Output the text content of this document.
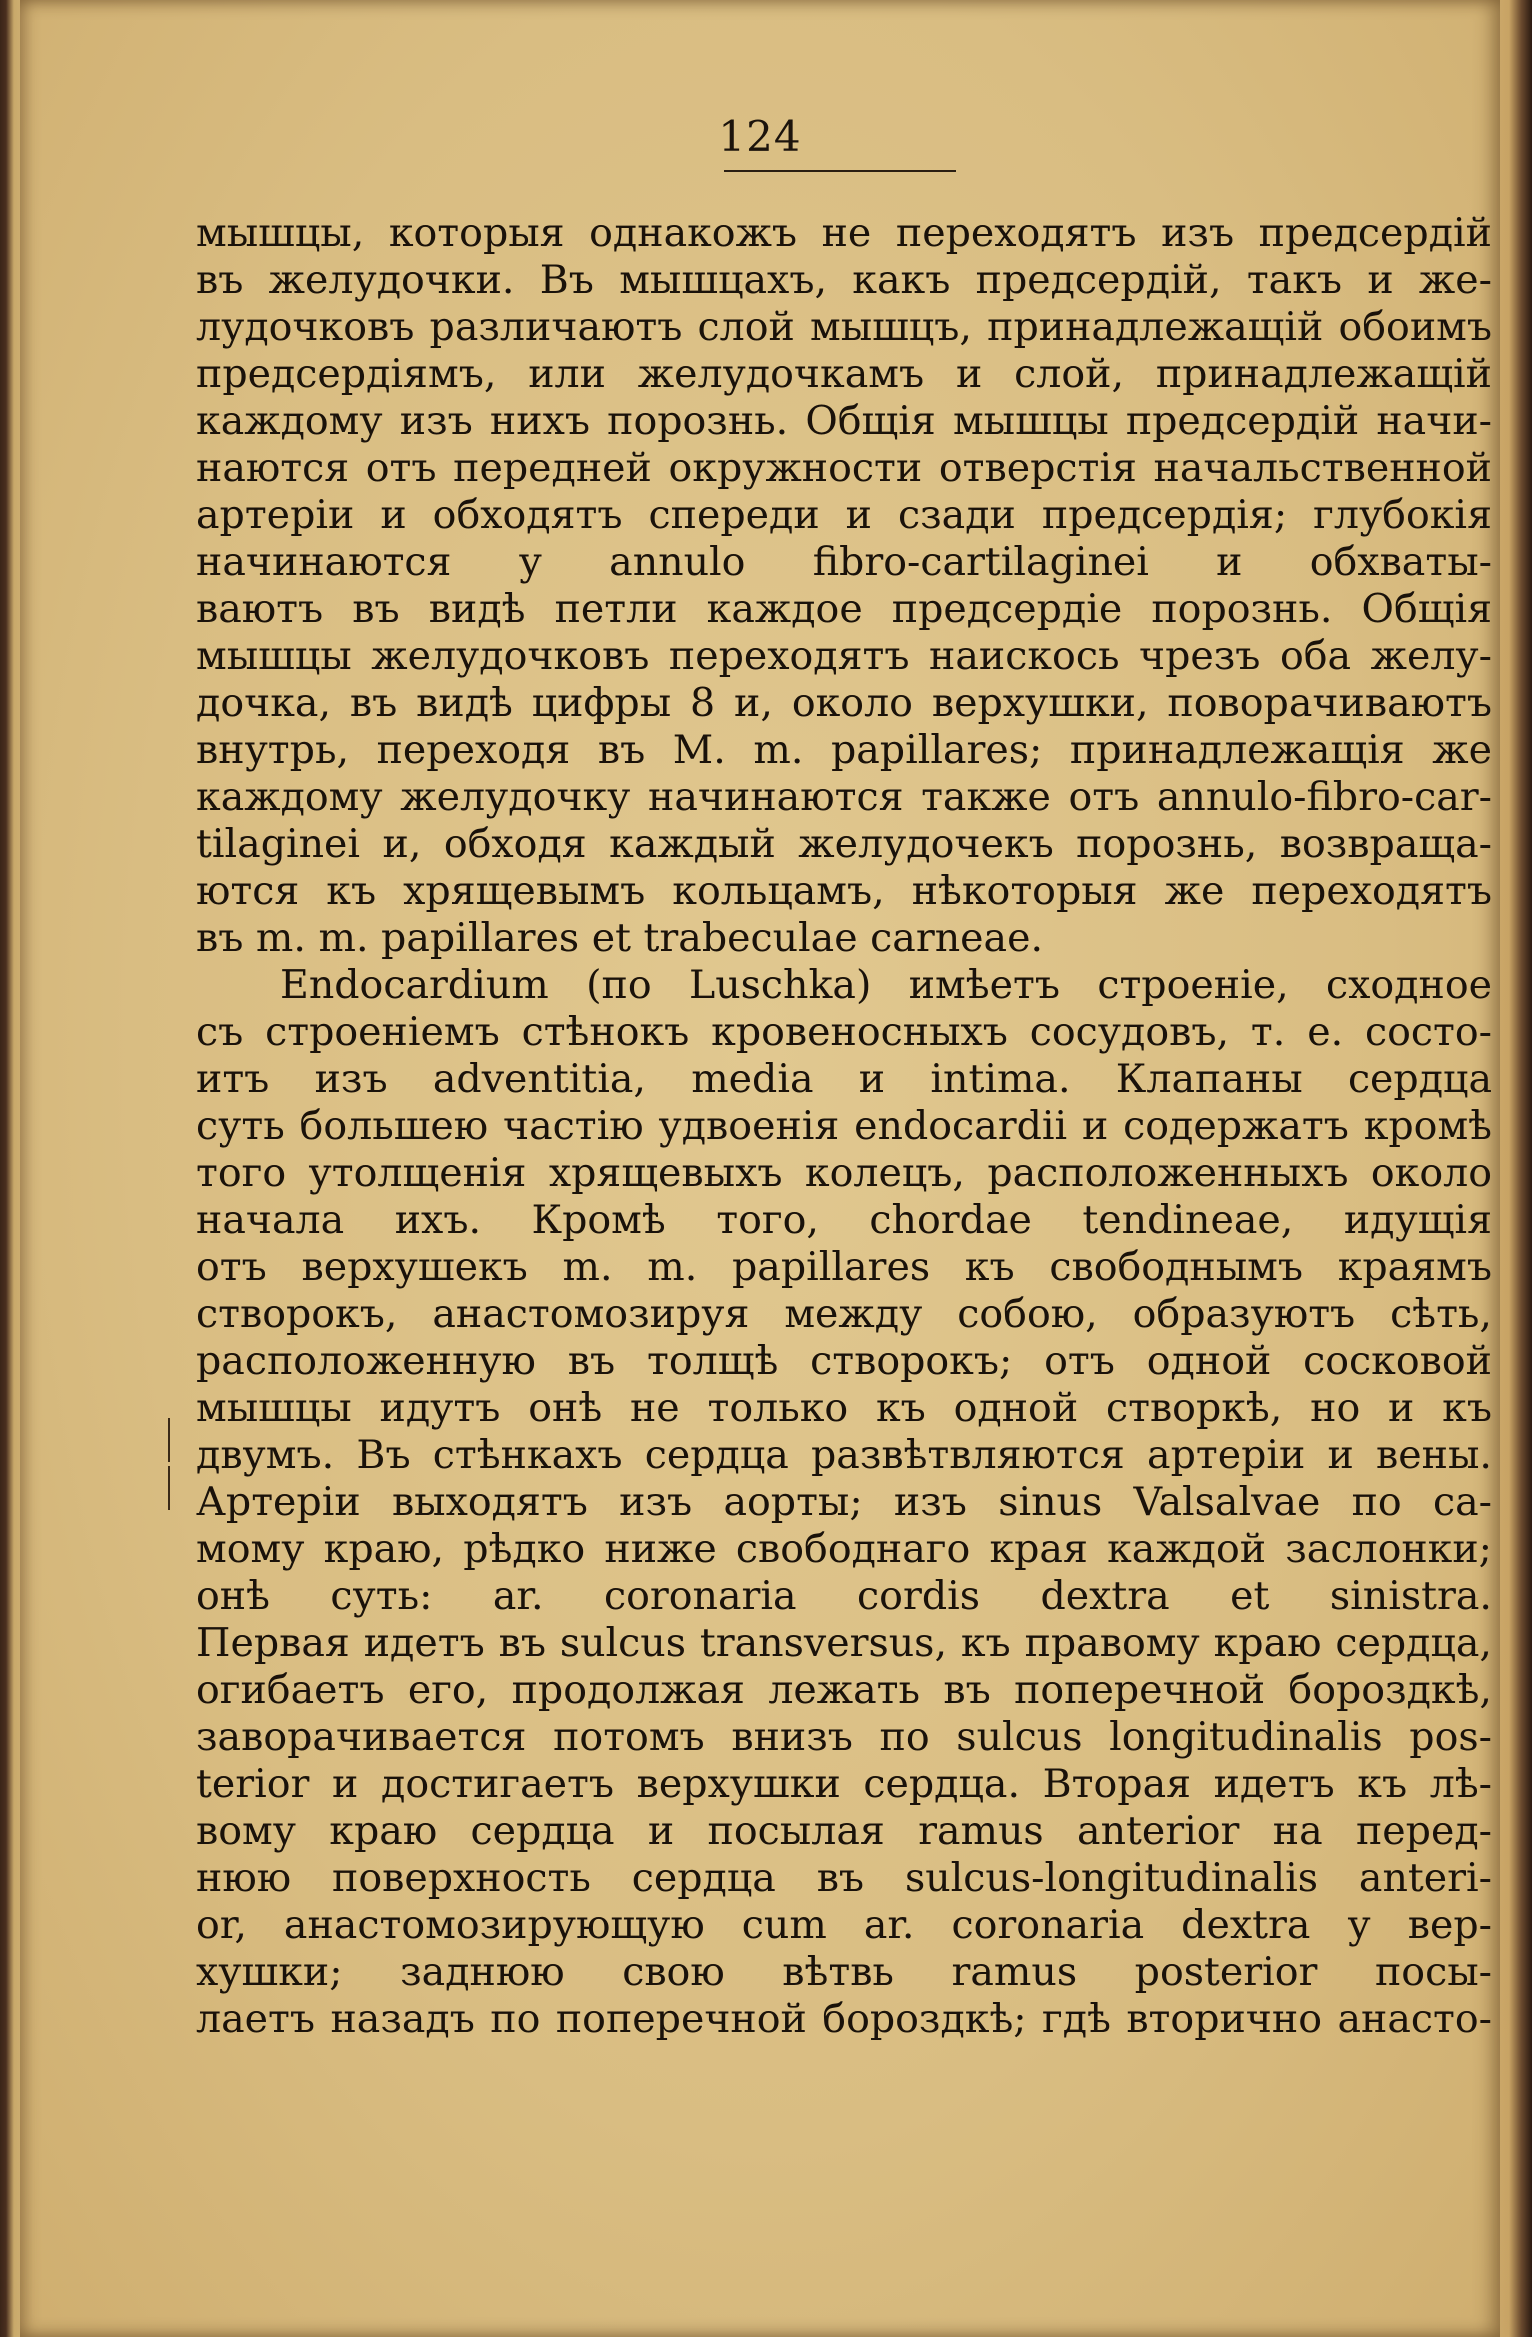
124
мышцы, которыя однакожъ не переходятъ изъ предсердій
въ желудочки. Въ мышцахъ, какъ предсердій, такъ и же-
лудочковъ различаютъ слой мышцъ, принадлежащій обоимъ
предсердіямъ, или желудочкамъ и слой, принадлежащій
каждому изъ нихъ порознь. Общія мышцы предсердій начи-
наются отъ передней окружности отверстія начальственной
артеріи и обходятъ спереди и сзади предсердія; глубокія
начинаются у annulo fibro-cartilaginei и обхваты-
ваютъ въ видѣ петли каждое предсердіе порознь. Общія
мышцы желудочковъ переходятъ наискось чрезъ оба желу-
дочка, въ видѣ цифры 8 и, около верхушки, поворачиваютъ
внутрь, переходя въ M. m. papillares; принадлежащія же
каждому желудочку начинаются также отъ annulo-fibro-car-
tilaginei и, обходя каждый желудочекъ порознь, возвраща-
ются къ хрящевымъ кольцамъ, нѣкоторыя же переходятъ
въ m. m. papillares et trabeculae carneae.
Endocardium (по Luschka) имѣетъ строеніе, сходное
съ строеніемъ стѣнокъ кровеносныхъ сосудовъ, т. е. состо-
итъ изъ adventitia, media и intima. Клапаны сердца
суть большею частію удвоенія endocardii и содержатъ кромѣ
того утолщенія хрящевыхъ колецъ, расположенныхъ около
начала ихъ. Кромѣ того, chordae tendineae, идущія
отъ верхушекъ m. m. papillares къ свободнымъ краямъ
створокъ, анастомозируя между собою, образуютъ сѣть,
расположенную въ толщѣ створокъ; отъ одной сосковой
мышцы идутъ онѣ не только къ одной створкѣ, но и къ
двумъ. Въ стѣнкахъ сердца развѣтвляются артеріи и вены.
Артеріи выходятъ изъ аорты; изъ sinus Valsalvae по са-
мому краю, рѣдко ниже свободнаго края каждой заслонки;
онѣ суть: ar. coronaria cordis dextra et sinistra.
Первая идетъ въ sulcus transversus, къ правому краю сердца,
огибаетъ его, продолжая лежать въ поперечной бороздкѣ,
заворачивается потомъ внизъ по sulcus longitudinalis pos-
terior и достигаетъ верхушки сердца. Вторая идетъ къ лѣ-
вому краю сердца и посылая ramus anterior на перед-
нюю поверхность сердца въ sulcus-longitudinalis anteri-
or, анастомозирующую cum ar. coronaria dextra у вер-
хушки; заднюю свою вѣтвь ramus posterior посы-
лаетъ назадъ по поперечной бороздкѣ; гдѣ вторично анасто-
